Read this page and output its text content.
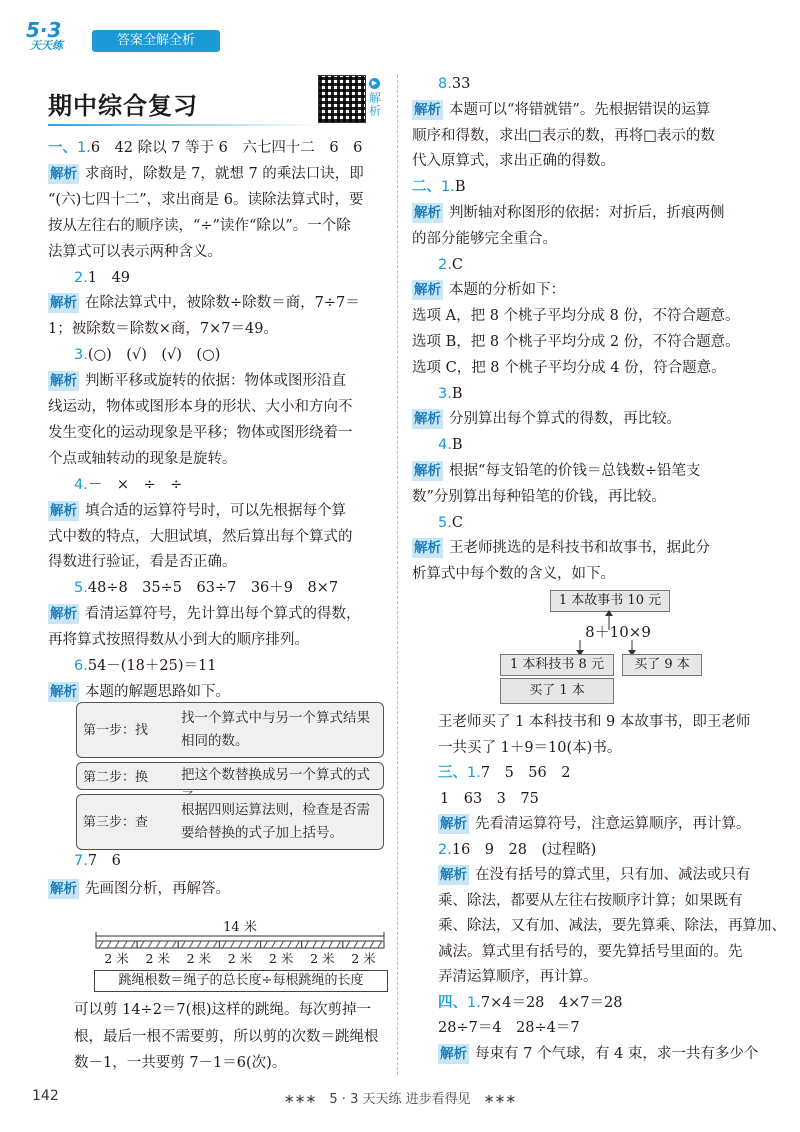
5·3
天天练	答案全解全析
期中综合复习
▶
解析
一、1.6　42 除以 7 等于 6　六七四十二　6　6
解析 求商时，除数是 7，就想 7 的乘法口诀，即
“(六)七四十二”，求出商是 6。读除法算式时，要
按从左往右的顺序读，“÷”读作“除以”。一个除
法算式可以表示两种含义。
2.1　49
解析 在除法算式中，被除数÷除数＝商，7÷7＝
1；被除数＝除数×商，7×7＝49。
3.(○)　(√)　(√)　(○)
解析 判断平移或旋转的依据：物体或图形沿直
线运动，物体或图形本身的形状、大小和方向不
发生变化的运动现象是平移；物体或图形绕着一
个点或轴转动的现象是旋转。
4.－　×　÷　÷
解析 填合适的运算符号时，可以先根据每个算
式中数的特点，大胆试填，然后算出每个算式的
得数进行验证，看是否正确。
5.48÷8　35÷5　63÷7　36＋9　8×7
解析 看清运算符号，先计算出每个算式的得数，
再将算式按照得数从小到大的顺序排列。
6.54－(18＋25)＝11
解析 本题的解题思路如下。
7.7　6
解析 先画图分析，再解答。
可以剪 14÷2＝7(根)这样的跳绳。每次剪掉一
根，最后一根不需要剪，所以剪的次数＝跳绳根
数－1，一共要剪 7－1＝6(次)。
8.33
解析 本题可以“将错就错”。先根据错误的运算
顺序和得数，求出□表示的数，再将□表示的数
代入原算式，求出正确的得数。
二、1.B
解析 判断轴对称图形的依据：对折后，折痕两侧
的部分能够完全重合。
2.C
解析 本题的分析如下：
选项 A，把 8 个桃子平均分成 8 份，不符合题意。
选项 B，把 8 个桃子平均分成 2 份，不符合题意。
选项 C，把 8 个桃子平均分成 4 份，符合题意。
3.B
解析 分别算出每个算式的得数，再比较。
4.B
解析 根据“每支铅笔的价钱＝总钱数÷铅笔支
数”分别算出每种铅笔的价钱，再比较。
5.C
解析 王老师挑选的是科技书和故事书，据此分
析算式中每个数的含义，如下。
王老师买了 1 本科技书和 9 本故事书，即王老师
一共买了 1＋9＝10(本)书。
三、1.7　5　56　2
1　63　3　75
解析 先看清运算符号，注意运算顺序，再计算。
2.16　9　28　(过程略)
解析 在没有括号的算式里，只有加、减法或只有
乘、除法，都要从左往右按顺序计算；如果既有
乘、除法，又有加、减法，要先算乘、除法，再算加、
减法。算式里有括号的，要先算括号里面的。先
弄清运算顺序，再计算。
四、1.7×4＝28　4×7＝28
28÷7＝4　28÷4＝7
解析 每束有 7 个气球，有 4 束，求一共有多少个
第一步：找
找一个算式中与另一个算式结果相同的数。
第二步：换 把这个数替换成另一个算式的式
第三步：查
根据四则运算法则，检查是否需要给替换的式子加上括号。
14 米
2 米 2 米 2 米 2 米 2 米 2 米 2 米
跳绳根数＝绳子的总长度÷每根跳绳的长度
1 本故事书 10 元
8＋10×9
1 本科技书 8 元	买了 9 本
买了 1 本
142	∗∗∗　5 · 3 天天练 进步看得见　∗∗∗
